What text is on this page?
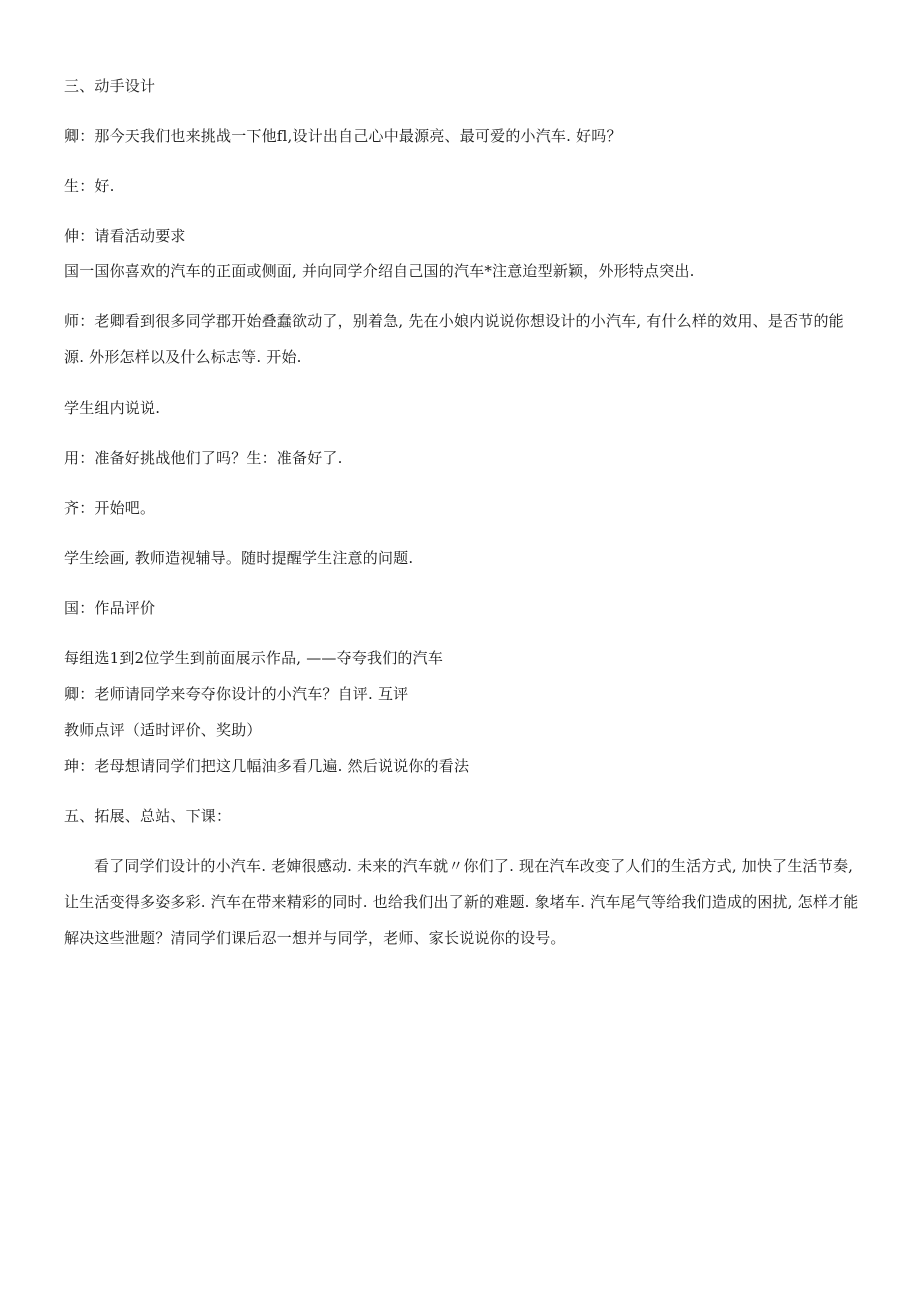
三、动手设计
卿：那今天我们也来挑战一下他fl,设计出自己心中最源亮、最可爱的小汽车. 好吗？
生：好.
伸：请看活动要求
国一国你喜欢的汽车的正面或侧面, 并向同学介绍自己国的汽车*注意迨型新颖，外形特点突出.
师：老卿看到很多同学郡开始叠蠢欲动了，别着急, 先在小娘内说说你想设计的小汽车, 有什么样的效用、是否节的能源. 外形怎样以及什么标志等. 开始.
学生组内说说.
用：准备好挑战他们了吗？生：准备好了.
齐：开始吧。
学生绘画, 教师造视辅导。随时提醒学生注意的问题.
国：作品评价
每组选1到2位学生到前面展示作品, ——夺夸我们的汽车
卿：老师请同学来夸夺你设计的小汽车？自评. 互评
教师点评（适时评价、奖助）
珅：老母想请同学们把这几幅油多看几遍. 然后说说你的看法
五、拓展、总站、下课：
看了同学们设计的小汽车. 老婶很感动. 未来的汽车就〃你们了. 现在汽车改变了人们的生活方式, 加快了生活节奏, 让生活变得多姿多彩. 汽车在带来精彩的同时. 也给我们出了新的难题. 象堵车. 汽车尾气等给我们造成的困扰, 怎样才能解决这些泄题？清同学们课后忍一想并与同学，老师、家长说说你的设号。
